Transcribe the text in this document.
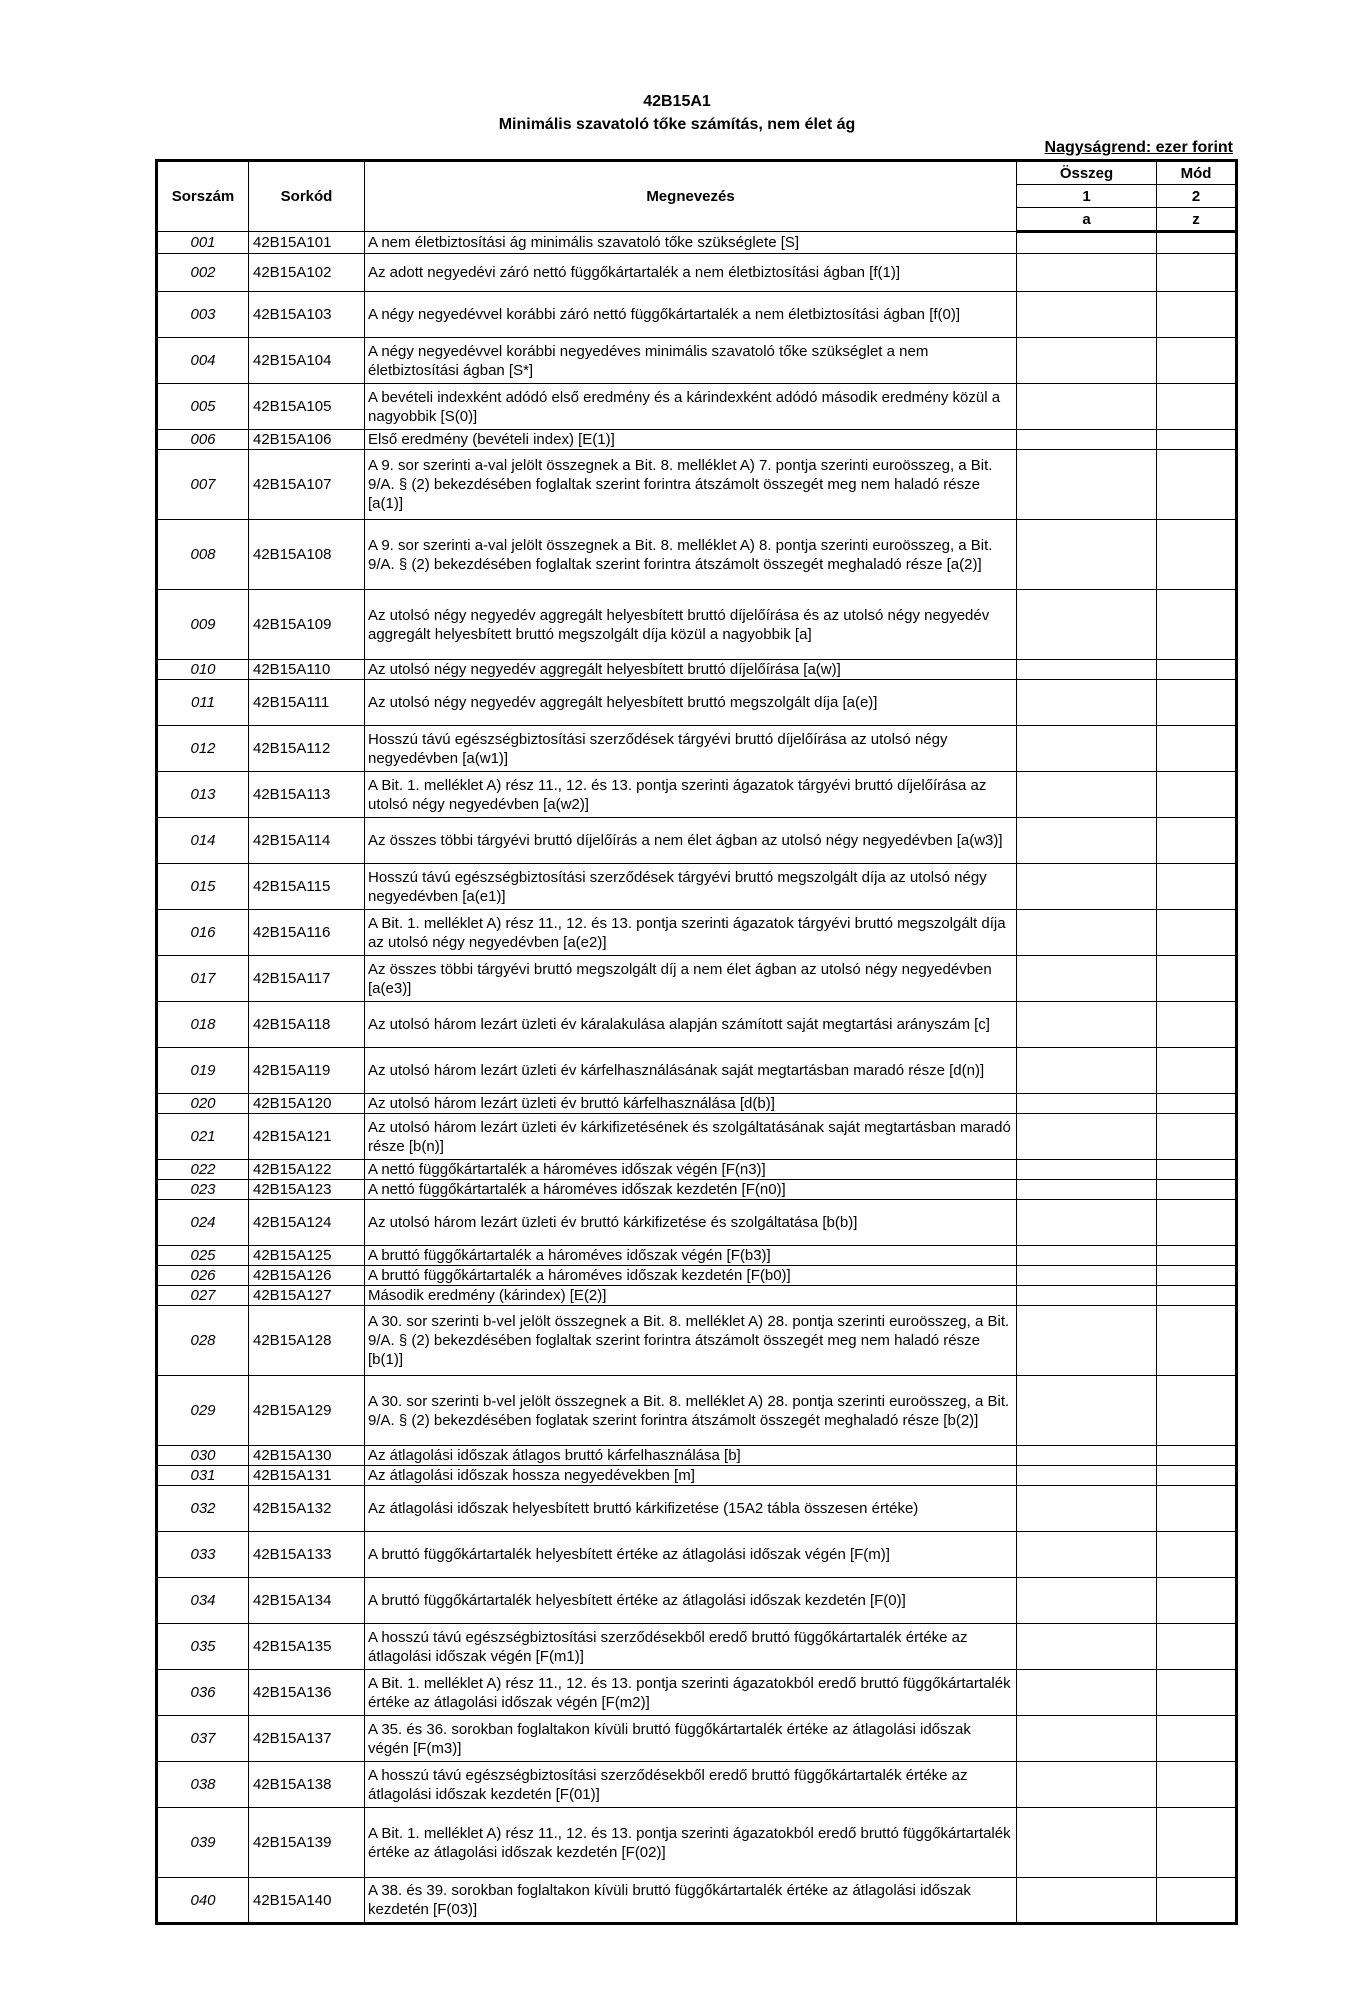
42B15A1
Minimális szavatoló tőke számítás, nem élet ág
Nagyságrend: ezer forint
Sorszám	Sorkód	Megnevezés	Összeg	Mód
			1	2
			a	z
001	42B15A101	A nem életbiztosítási ág minimális szavatoló tőke szükséglete [S]		
002	42B15A102	Az adott negyedévi záró nettó függőkártartalék a nem életbiztosítási ágban [f(1)]		
003	42B15A103	A négy negyedévvel korábbi záró nettó függőkártartalék a nem életbiztosítási ágban [f(0)]		
004	42B15A104	A négy negyedévvel korábbi negyedéves minimális szavatoló tőke szükséglet a nem életbiztosítási ágban [S*]		
005	42B15A105	A bevételi indexként adódó első eredmény és a kárindexként adódó második eredmény közül a nagyobbik [S(0)]		
006	42B15A106	Első eredmény (bevételi index) [E(1)]		
007	42B15A107	A 9. sor szerinti a-val jelölt összegnek a Bit. 8. melléklet A) 7. pontja szerinti euroösszeg, a Bit. 9/A. § (2) bekezdésében foglaltak szerint forintra átszámolt összegét meg nem haladó része [a(1)]		
008	42B15A108	A 9. sor szerinti a-val jelölt összegnek a Bit. 8. melléklet A) 8. pontja szerinti euroösszeg, a Bit. 9/A. § (2) bekezdésében foglaltak szerint forintra átszámolt összegét meghaladó része [a(2)]		
009	42B15A109	Az utolsó négy negyedév aggregált helyesbített bruttó díjelőírása és az utolsó négy negyedév aggregált helyesbített bruttó megszolgált díja közül a nagyobbik [a]		
010	42B15A110	Az utolsó négy negyedév aggregált helyesbített bruttó díjelőírása [a(w)]		
011	42B15A111	Az utolsó négy negyedév aggregált helyesbített bruttó megszolgált díja [a(e)]		
012	42B15A112	Hosszú távú egészségbiztosítási szerződések tárgyévi bruttó díjelőírása az utolsó négy negyedévben [a(w1)]		
013	42B15A113	A Bit. 1. melléklet A) rész 11., 12. és 13. pontja szerinti ágazatok tárgyévi bruttó díjelőírása az utolsó négy negyedévben [a(w2)]		
014	42B15A114	Az összes többi tárgyévi bruttó díjelőírás a nem élet ágban az utolsó négy negyedévben [a(w3)]		
015	42B15A115	Hosszú távú egészségbiztosítási szerződések tárgyévi bruttó megszolgált díja az utolsó négy negyedévben [a(e1)]		
016	42B15A116	A Bit. 1. melléklet A) rész 11., 12. és 13. pontja szerinti ágazatok tárgyévi bruttó megszolgált díja az utolsó négy negyedévben [a(e2)]		
017	42B15A117	Az összes többi tárgyévi bruttó megszolgált díj a nem élet ágban az utolsó négy negyedévben [a(e3)]		
018	42B15A118	Az utolsó három lezárt üzleti év káralakulása alapján számított saját megtartási arányszám [c]		
019	42B15A119	Az utolsó három lezárt üzleti év kárfelhasználásának saját megtartásban maradó része [d(n)]		
020	42B15A120	Az utolsó három lezárt üzleti év bruttó kárfelhasználása [d(b)]		
021	42B15A121	Az utolsó három lezárt üzleti év kárkifizetésének és szolgáltatásának saját megtartásban maradó része [b(n)]		
022	42B15A122	A nettó függőkártartalék a hároméves időszak végén [F(n3)]		
023	42B15A123	A nettó függőkártartalék a hároméves időszak kezdetén [F(n0)]		
024	42B15A124	Az utolsó három lezárt üzleti év bruttó kárkifizetése és szolgáltatása [b(b)]		
025	42B15A125	A bruttó függőkártartalék a hároméves időszak végén [F(b3)]		
026	42B15A126	A bruttó függőkártartalék a hároméves időszak kezdetén [F(b0)]		
027	42B15A127	Második eredmény (kárindex) [E(2)]		
028	42B15A128	A 30. sor szerinti b-vel jelölt összegnek a Bit. 8. melléklet A) 28. pontja szerinti euroösszeg, a Bit. 9/A. § (2) bekezdésében foglaltak szerint forintra átszámolt összegét meg nem haladó része [b(1)]		
029	42B15A129	A 30. sor szerinti b-vel jelölt összegnek a Bit. 8. melléklet A) 28. pontja szerinti euroösszeg, a Bit. 9/A. § (2) bekezdésében foglatak szerint forintra átszámolt összegét meghaladó része [b(2)]		
030	42B15A130	Az átlagolási időszak átlagos bruttó kárfelhasználása [b]		
031	42B15A131	Az átlagolási időszak hossza negyedévekben [m]		
032	42B15A132	Az átlagolási időszak helyesbített bruttó kárkifizetése (15A2 tábla összesen értéke)		
033	42B15A133	A bruttó függőkártartalék helyesbített értéke az átlagolási időszak végén [F(m)]		
034	42B15A134	A bruttó függőkártartalék helyesbített értéke az átlagolási időszak kezdetén [F(0)]		
035	42B15A135	A hosszú távú egészségbiztosítási szerződésekből eredő bruttó függőkártartalék értéke az átlagolási időszak végén [F(m1)]		
036	42B15A136	A Bit. 1. melléklet A) rész 11., 12. és 13. pontja szerinti ágazatokból eredő bruttó függőkártartalék értéke az átlagolási időszak végén [F(m2)]		
037	42B15A137	A 35. és 36. sorokban foglaltakon kívüli bruttó függőkártartalék értéke az átlagolási időszak végén [F(m3)]		
038	42B15A138	A hosszú távú egészségbiztosítási szerződésekből eredő bruttó függőkártartalék értéke az átlagolási időszak kezdetén [F(01)]		
039	42B15A139	A Bit. 1. melléklet A) rész 11., 12. és 13. pontja szerinti ágazatokból eredő bruttó függőkártartalék értéke az átlagolási időszak kezdetén [F(02)]		
040	42B15A140	A 38. és 39. sorokban foglaltakon kívüli bruttó függőkártartalék értéke az átlagolási időszak kezdetén [F(03)]		
